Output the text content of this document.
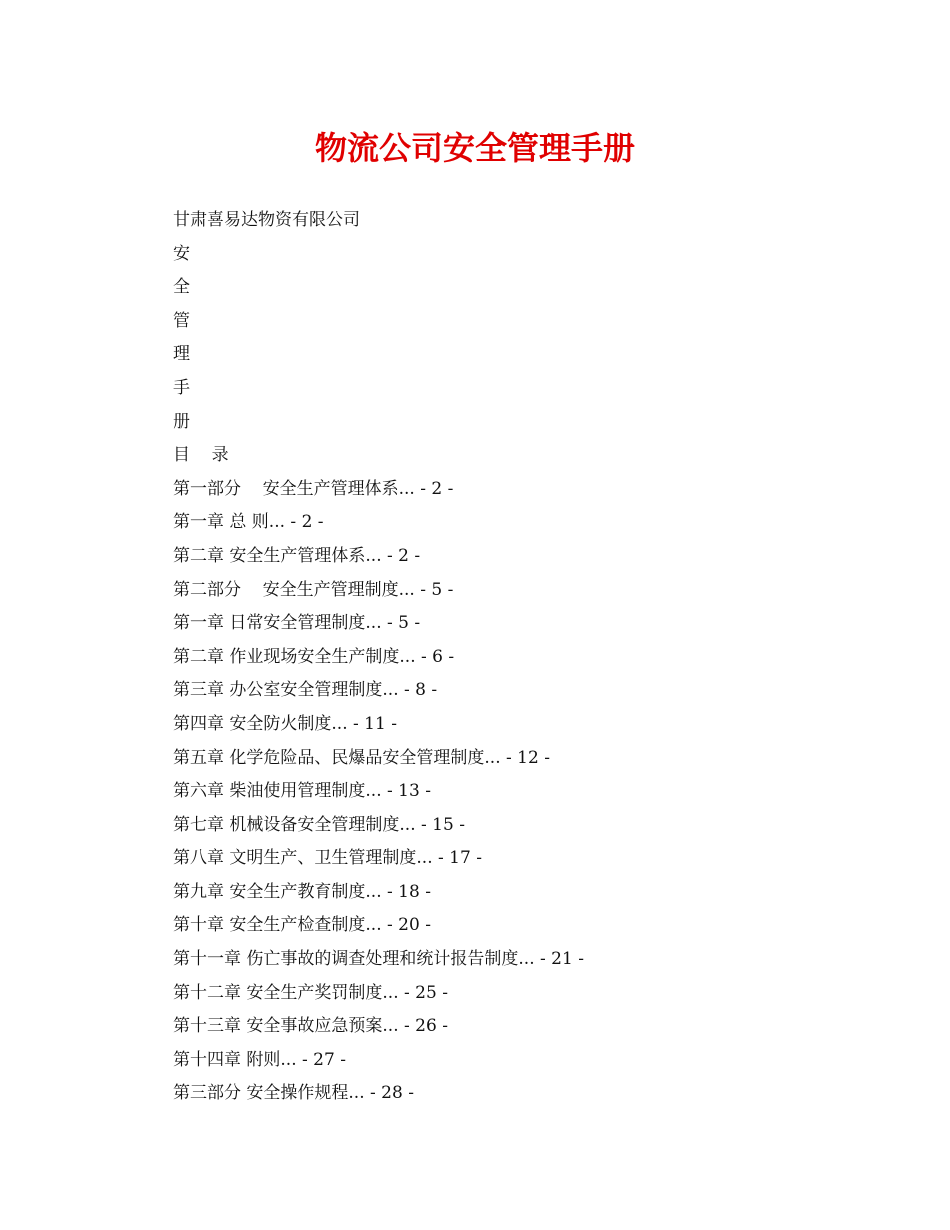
物流公司安全管理手册
甘肃喜易达物资有限公司
安
全
管
理
手
册
目    录
第一部分    安全生产管理体系... - 2 -
第一章 总 则... - 2 -
第二章 安全生产管理体系... - 2 -
第二部分    安全生产管理制度... - 5 -
第一章 日常安全管理制度... - 5 -
第二章 作业现场安全生产制度... - 6 -
第三章 办公室安全管理制度... - 8 -
第四章 安全防火制度... - 11 -
第五章 化学危险品、民爆品安全管理制度... - 12 -
第六章 柴油使用管理制度... - 13 -
第七章 机械设备安全管理制度... - 15 -
第八章 文明生产、卫生管理制度... - 17 -
第九章 安全生产教育制度... - 18 -
第十章 安全生产检查制度... - 20 -
第十一章 伤亡事故的调查处理和统计报告制度... - 21 -
第十二章 安全生产奖罚制度... - 25 -
第十三章 安全事故应急预案... - 26 -
第十四章 附则... - 27 -
第三部分 安全操作规程... - 28 -
